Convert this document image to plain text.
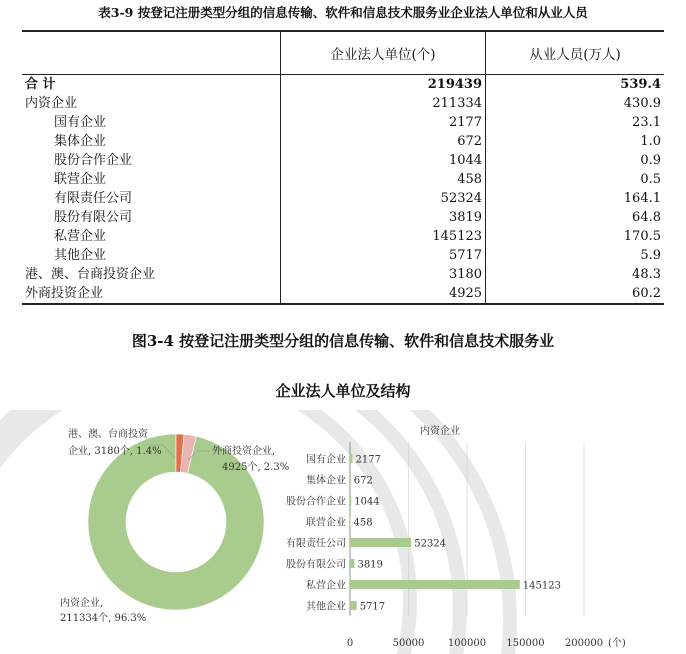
表3-9 按登记注册类型分组的信息传输、软件和信息技术服务业企业法人单位和从业人员
	企业法人单位(个)	从业人员(万人)
合 计	219439	539.4
内资企业	211334	430.9
国有企业	2177	23.1
集体企业	672	1.0
股份合作企业	1044	0.9
联营企业	458	0.5
有限责任公司	52324	164.1
股份有限公司	3819	64.8
私营企业	145123	170.5
其他企业	5717	5.9
港、澳、台商投资企业	3180	48.3
外商投资企业	4925	60.2
图3-4 按登记注册类型分组的信息传输、软件和信息技术服务业
企业法人单位及结构
港、澳、台商投资
企业, 3180个, 1.4%	外商投资企业,
4925个, 2.3%
内资企业,
211334个, 96.3%
内资企业
国有企业 2177
集体企业 672
股份合作企业 1044
联营企业 458
有限责任公司	52324
股份有限公司 3819
私营企业	145123
其他企业 5717
0	50000 100000 150000 200000 (个)
